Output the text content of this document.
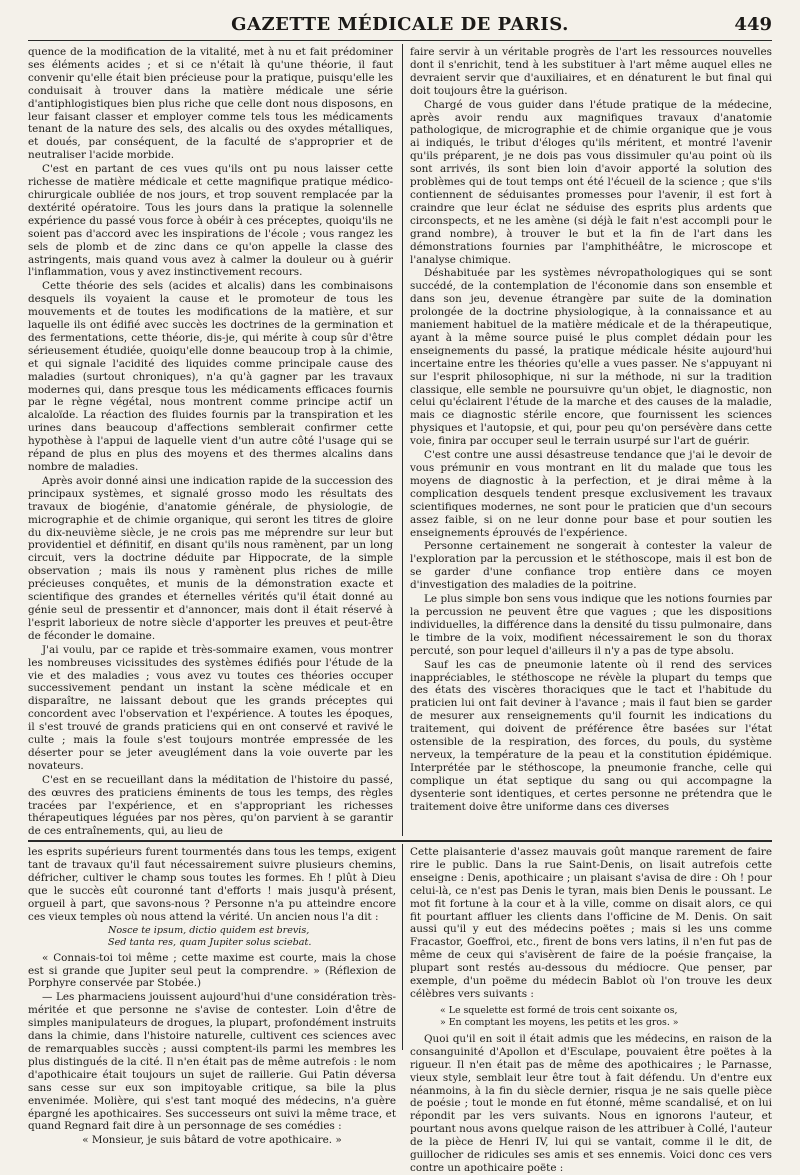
GAZETTE MÉDICALE DE PARIS.	449

quence de la modification de la vitalité, met à nu et fait prédominer ses éléments acides ; et si ce n'était là qu'une théorie, il faut convenir qu'elle était bien précieuse pour la pratique, puisqu'elle les conduisait à trouver dans la matière médicale une série d'antiphlogistiques bien plus riche que celle dont nous disposons, en leur faisant classer et employer comme tels tous les médicaments tenant de la nature des sels, des alcalis ou des oxydes métalliques, et doués, par conséquent, de la faculté de s'approprier et de neutraliser l'acide morbide.

C'est en partant de ces vues qu'ils ont pu nous laisser cette richesse de matière médicale et cette magnifique pratique médico-chirurgicale oubliée de nos jours, et trop souvent remplacée par la dextérité opératoire. Tous les jours dans la pratique la solennelle expérience du passé vous force à obéir à ces préceptes, quoiqu'ils ne soient pas d'accord avec les inspirations de l'école ; vous rangez les sels de plomb et de zinc dans ce qu'on appelle la classe des astringents, mais quand vous avez à calmer la douleur ou à guérir l'inflammation, vous y avez instinctivement recours.

Cette théorie des sels (acides et alcalis) dans les combinaisons desquels ils voyaient la cause et le promoteur de tous les mouvements et de toutes les modifications de la matière, et sur laquelle ils ont édifié avec succès les doctrines de la germination et des fermentations, cette théorie, dis-je, qui mérite à coup sûr d'être sérieusement étudiée, quoiqu'elle donne beaucoup trop à la chimie, et qui signale l'acidité des liquides comme principale cause des maladies (surtout chroniques), n'a qu'à gagner par les travaux modernes qui, dans presque tous les médicaments efficaces fournis par le règne végétal, nous montrent comme principe actif un alcaloïde. La réaction des fluides fournis par la transpiration et les urines dans beaucoup d'affections semblerait confirmer cette hypothèse à l'appui de laquelle vient d'un autre côté l'usage qui se répand de plus en plus des moyens et des thermes alcalins dans nombre de maladies.

Après avoir donné ainsi une indication rapide de la succession des principaux systèmes, et signalé grosso modo les résultats des travaux de biogénie, d'anatomie générale, de physiologie, de micrographie et de chimie organique, qui seront les titres de gloire du dix-neuvième siècle, je ne crois pas me méprendre sur leur but providentiel et définitif, en disant qu'ils nous ramènent, par un long circuit, vers la doctrine déduite par Hippocrate, de la simple observation ; mais ils nous y ramènent plus riches de mille précieuses conquêtes, et munis de la démonstration exacte et scientifique des grandes et éternelles vérités qu'il était donné au génie seul de pressentir et d'annoncer, mais dont il était réservé à l'esprit laborieux de notre siècle d'apporter les preuves et peut-être de féconder le domaine.

J'ai voulu, par ce rapide et très-sommaire examen, vous montrer les nombreuses vicissitudes des systèmes édifiés pour l'étude de la vie et des maladies ; vous avez vu toutes ces théories occuper successivement pendant un instant la scène médicale et en disparaître, ne laissant debout que les grands préceptes qui concordent avec l'observation et l'expérience. A toutes les époques, il s'est trouvé de grands praticiens qui en ont conservé et ravivé le culte ; mais la foule s'est toujours montrée empressée de les déserter pour se jeter aveuglément dans la voie ouverte par les novateurs.

C'est en se recueillant dans la méditation de l'histoire du passé, des œuvres des praticiens éminents de tous les temps, des règles tracées par l'expérience, et en s'appropriant les richesses thérapeutiques léguées par nos pères, qu'on parvient à se garantir de ces entraînements, qui, au lieu de

faire servir à un véritable progrès de l'art les ressources nouvelles dont il s'enrichit, tend à les substituer à l'art même auquel elles ne devraient servir que d'auxiliaires, et en dénaturent le but final qui doit toujours être la guérison.

Chargé de vous guider dans l'étude pratique de la médecine, après avoir rendu aux magnifiques travaux d'anatomie pathologique, de micrographie et de chimie organique que je vous ai indiqués, le tribut d'éloges qu'ils méritent, et montré l'avenir qu'ils préparent, je ne dois pas vous dissimuler qu'au point où ils sont arrivés, ils sont bien loin d'avoir apporté la solution des problèmes qui de tout temps ont été l'écueil de la science ; que s'ils contiennent de séduisantes promesses pour l'avenir, il est fort à craindre que leur éclat ne séduise des esprits plus ardents que circonspects, et ne les amène (si déjà le fait n'est accompli pour le grand nombre), à trouver le but et la fin de l'art dans les démonstrations fournies par l'amphithéâtre, le microscope et l'analyse chimique.

Déshabituée par les systèmes névropathologiques qui se sont succédé, de la contemplation de l'économie dans son ensemble et dans son jeu, devenue étrangère par suite de la domination prolongée de la doctrine physiologique, à la connaissance et au maniement habituel de la matière médicale et de la thérapeutique, ayant à la même source puisé le plus complet dédain pour les enseignements du passé, la pratique médicale hésite aujourd'hui incertaine entre les théories qu'elle a vues passer. Ne s'appuyant ni sur l'esprit philosophique, ni sur la méthode, ni sur la tradition classique, elle semble ne poursuivre qu'un objet, le diagnostic, non celui qu'éclairent l'étude de la marche et des causes de la maladie, mais ce diagnostic stérile encore, que fournissent les sciences physiques et l'autopsie, et qui, pour peu qu'on persévère dans cette voie, finira par occuper seul le terrain usurpé sur l'art de guérir.

C'est contre une aussi désastreuse tendance que j'ai le devoir de vous prémunir en vous montrant en lit du malade que tous les moyens de diagnostic à la perfection, et je dirai même à la complication desquels tendent presque exclusivement les travaux scientifiques modernes, ne sont pour le praticien que d'un secours assez faible, si on ne leur donne pour base et pour soutien les enseignements éprouvés de l'expérience.

Personne certainement ne songerait à contester la valeur de l'exploration par la percussion et le stéthoscope, mais il est bon de se garder d'une confiance trop entière dans ce moyen d'investigation des maladies de la poitrine.

Le plus simple bon sens vous indique que les notions fournies par la percussion ne peuvent être que vagues ; que les dispositions individuelles, la différence dans la densité du tissu pulmonaire, dans le timbre de la voix, modifient nécessairement le son du thorax percuté, son pour lequel d'ailleurs il n'y a pas de type absolu.

Sauf les cas de pneumonie latente où il rend des services inappréciables, le stéthoscope ne révèle la plupart du temps que des états des viscères thoraciques que le tact et l'habitude du praticien lui ont fait deviner à l'avance ; mais il faut bien se garder de mesurer aux renseignements qu'il fournit les indications du traitement, qui doivent de préférence être basées sur l'état ostensible de la respiration, des forces, du pouls, du système nerveux, la température de la peau et la constitution épidémique. Interprétée par le stéthoscope, la pneumonie franche, celle qui complique un état septique du sang ou qui accompagne la dysenterie sont identiques, et certes personne ne prétendra que le traitement doive être uniforme dans ces diverses

les esprits supérieurs furent tourmentés dans tous les temps, exigent tant de travaux qu'il faut nécessairement suivre plusieurs chemins, défricher, cultiver le champ sous toutes les formes. Eh ! plût à Dieu que le succès eût couronné tant d'efforts ! mais jusqu'à présent, orgueil à part, que savons-nous ? Personne n'a pu atteindre encore ces vieux temples où nous attend la vérité. Un ancien nous l'a dit :

Nosce te ipsum, dictio quidem est brevis,
Sed tanta res, quam Jupiter solus sciebat.

« Connais-toi toi même ; cette maxime est courte, mais la chose est si grande que Jupiter seul peut la comprendre. » (Réflexion de Porphyre conservée par Stobée.)

— Les pharmaciens jouissent aujourd'hui d'une considération très-méritée et que personne ne s'avise de contester. Loin d'être de simples manipulateurs de drogues, la plupart, profondément instruits dans la chimie, dans l'histoire naturelle, cultivent ces sciences avec de remarquables succès ; aussi comptent-ils parmi les membres les plus distingués de la cité. Il n'en était pas de même autrefois : le nom d'apothicaire était toujours un sujet de raillerie. Gui Patin déversa sans cesse sur eux son impitoyable critique, sa bile la plus envenimée. Molière, qui s'est tant moqué des médecins, n'a guère épargné les apothicaires. Ses successeurs ont suivi la même trace, et quand Regnard fait dire à un personnage de ses comédies :

« Monsieur, je suis bâtard de votre apothicaire. »

Cette plaisanterie d'assez mauvais goût manque rarement de faire rire le public. Dans la rue Saint-Denis, on lisait autrefois cette enseigne : Denis, apothicaire ; un plaisant s'avisa de dire : Oh ! pour celui-là, ce n'est pas Denis le tyran, mais bien Denis le poussant. Le mot fit fortune à la cour et à la ville, comme on disait alors, ce qui fit pourtant affluer les clients dans l'officine de M. Denis. On sait aussi qu'il y eut des médecins poëtes ; mais si les uns comme Fracastor, Goeffroi, etc., firent de bons vers latins, il n'en fut pas de même de ceux qui s'avisèrent de faire de la poésie française, la plupart sont restés au-dessous du médiocre. Que penser, par exemple, d'un poëme du médecin Bablot où l'on trouve les deux célèbres vers suivants :

« Le squelette est formé de trois cent soixante os,
» En comptant les moyens, les petits et les gros. »

Quoi qu'il en soit il était admis que les médecins, en raison de la consanguinité d'Apollon et d'Esculape, pouvaient être poëtes à la rigueur. Il n'en était pas de même des apothicaires ; le Parnasse, vieux style, semblait leur être tout à fait défendu. Un d'entre eux néanmoins, à la fin du siècle dernier, risqua je ne sais quelle pièce de poésie ; tout le monde en fut étonné, même scandalisé, et on lui répondit par les vers suivants. Nous en ignorons l'auteur, et pourtant nous avons quelque raison de les attribuer à Collé, l'auteur de la pièce de Henri IV, lui qui se vantait, comme il le dit, de guillocher de ridicules ses amis et ses ennemis. Voici donc ces vers contre un apothicaire poëte :
